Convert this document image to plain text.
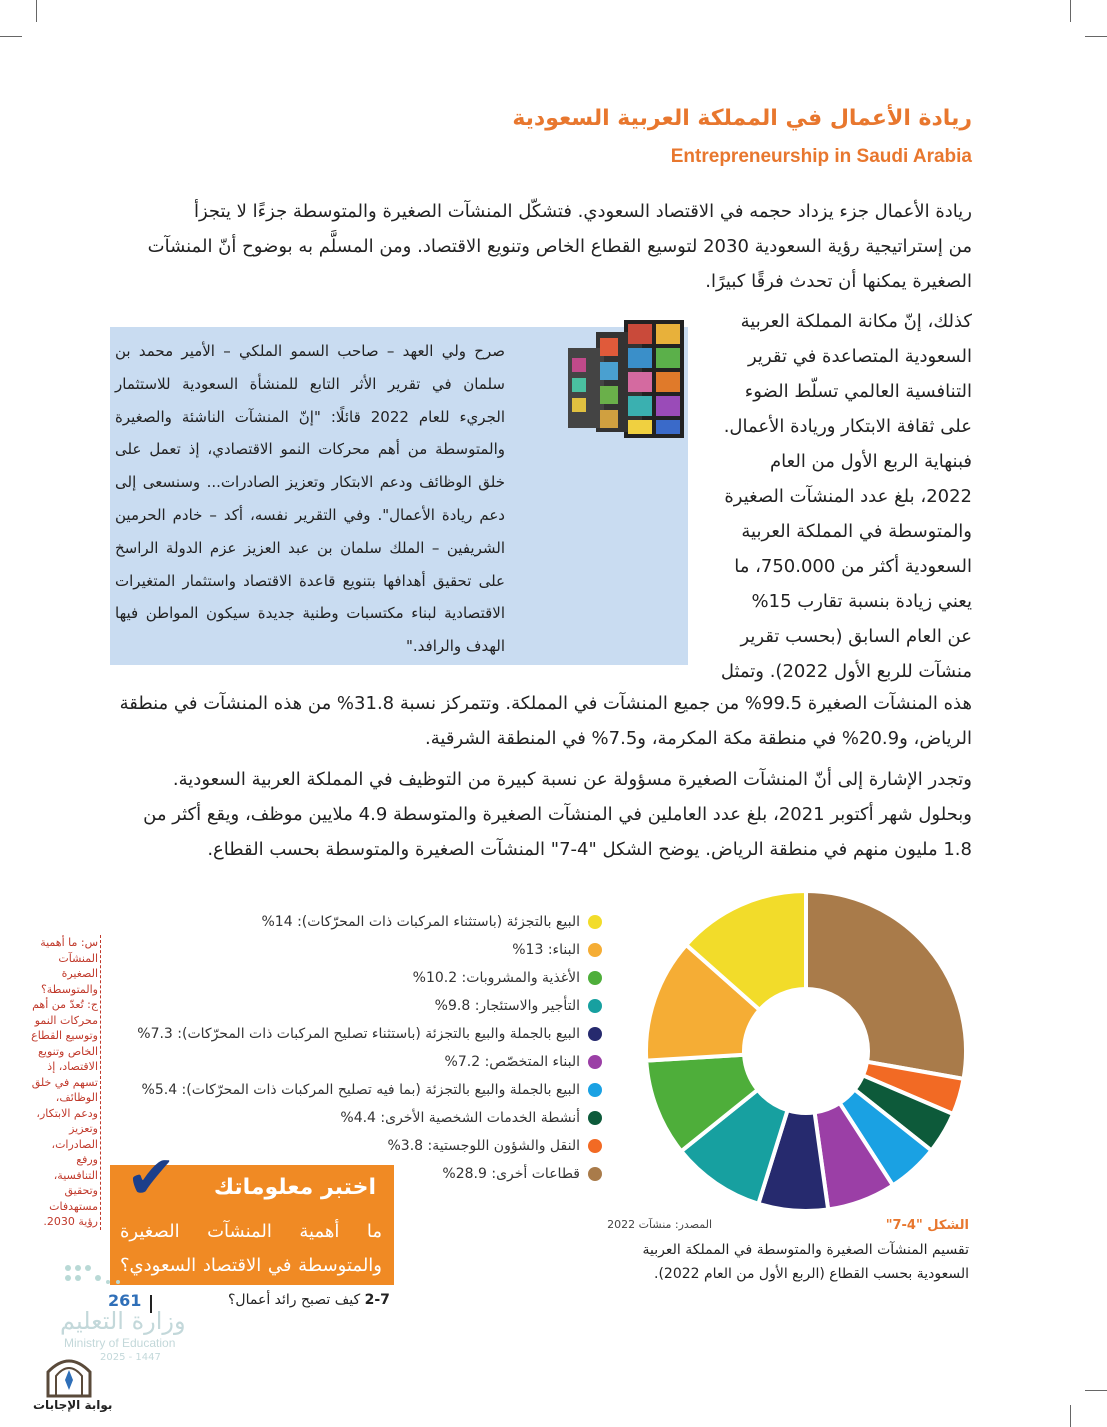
ريادة الأعمال في المملكة العربية السعودية
Entrepreneurship in Saudi Arabia

ريادة الأعمال جزء يزداد حجمه في الاقتصاد السعودي. فتشكّل المنشآت الصغيرة والمتوسطة جزءًا لا يتجزأ

من إستراتيجية رؤية السعودية 2030 لتوسيع القطاع الخاص وتنويع الاقتصاد. ومن المسلَّم به بوضوح أنّ المنشآت

الصغيرة يمكنها أن تحدث فرقًا كبيرًا.

كذلك، إنّ مكانة المملكة العربية

السعودية المتصاعدة في تقرير

التنافسية العالمي تسلّط الضوء

على ثقافة الابتكار وريادة الأعمال.

فبنهاية الربع الأول من العام

2022، بلغ عدد المنشآت الصغيرة

والمتوسطة في المملكة العربية

السعودية أكثر من 750.000، ما

يعني زيادة بنسبة تقارب 15%

عن العام السابق (بحسب تقرير

منشآت للربع الأول 2022). وتمثل

صرح ولي العهد – صاحب السمو الملكي – الأمير محمد بن سلمان في تقرير الأثر التابع للمنشأة السعودية للاستثمار الجريء للعام 2022 قائلًا: "إنّ المنشآت الناشئة والصغيرة والمتوسطة من أهم محركات النمو الاقتصادي، إذ تعمل على خلق الوظائف ودعم الابتكار وتعزيز الصادرات... وسنسعى إلى دعم ريادة الأعمال". وفي التقرير نفسه، أكد – خادم الحرمين الشريفين – الملك سلمان بن عبد العزيز عزم الدولة الراسخ على تحقيق أهدافها بتنويع قاعدة الاقتصاد واستثمار المتغيرات الاقتصادية لبناء مكتسبات وطنية جديدة سيكون المواطن فيها الهدف والرافد."

هذه المنشآت الصغيرة 99.5% من جميع المنشآت في المملكة. وتتمركز نسبة 31.8% من هذه المنشآت في منطقة

الرياض، و20.9% في منطقة مكة المكرمة، و7.5% في المنطقة الشرقية.

وتجدر الإشارة إلى أنّ المنشآت الصغيرة مسؤولة عن نسبة كبيرة من التوظيف في المملكة العربية السعودية.

وبحلول شهر أكتوبر 2021، بلغ عدد العاملين في المنشآت الصغيرة والمتوسطة 4.9 ملايين موظف، ويقع أكثر من

1.8 مليون منهم في منطقة الرياض. يوضح الشكل "4-7" المنشآت الصغيرة والمتوسطة بحسب القطاع.

البيع بالتجزئة (باستثناء المركبات ذات المحرّكات): 14%
البناء: 13%
الأغذية والمشروبات: 10.2%
التأجير والاستئجار: 9.8%
البيع بالجملة والبيع بالتجزئة (باستثناء تصليح المركبات ذات المحرّكات): 7.3%
البناء المتخصّص: 7.2%
البيع بالجملة والبيع بالتجزئة (بما فيه تصليح المركبات ذات المحرّكات): 5.4%
أنشطة الخدمات الشخصية الأخرى: 4.4%
النقل والشؤون اللوجستية: 3.8%
قطاعات أخرى: 28.9%
الشكل "4-7"
المصدر: منشآت 2022
تقسيم المنشآت الصغيرة والمتوسطة في المملكة العربية السعودية بحسب القطاع (الربع الأول من العام 2022).
✔ اختبر معلوماتك
ما أهمية المنشآت الصغيرة والمتوسطة في الاقتصاد السعودي؟
س: ما أهمية المنشآت الصغيرة والمتوسطة؟ ج: تُعدّ من أهم محركات النمو وتوسيع القطاع الخاص وتنويع الاقتصاد، إذ تسهم في خلق الوظائف، ودعم الابتكار، وتعزيز الصادرات، ورفع التنافسية، وتحقيق مستهدفات رؤية 2030.
261	2-7 كيف تصبح رائد أعمال؟
وزارة التعليم
Ministry of Education
2025 - 1447
بوابة الإجابات
